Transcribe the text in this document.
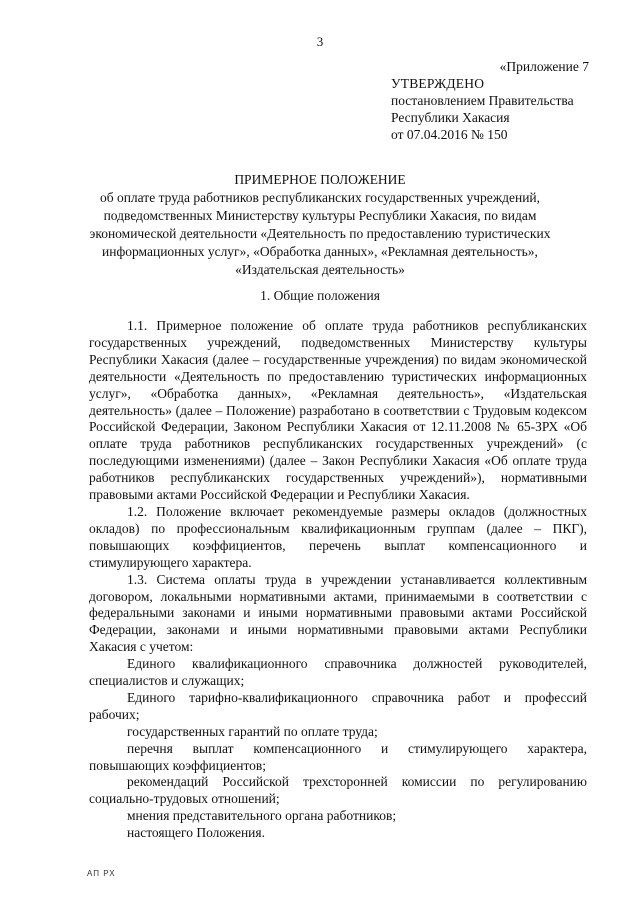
3
«Приложение 7
УТВЕРЖДЕНО
постановлением Правительства
Республики Хакасия
от 07.04.2016 № 150
ПРИМЕРНОЕ ПОЛОЖЕНИЕ
об оплате труда работников республиканских государственных учреждений, подведомственных Министерству культуры Республики Хакасия, по видам экономической деятельности «Деятельность по предоставлению туристических информационных услуг», «Обработка данных», «Рекламная деятельность», «Издательская деятельность»
1. Общие положения

1.1. Примерное положение об оплате труда работников республиканских государственных учреждений, подведомственных Министерству культуры Республики Хакасия (далее – государственные учреждения) по видам экономической деятельности «Деятельность по предоставлению туристических информационных услуг», «Обработка данных», «Рекламная деятельность», «Издательская деятельность» (далее – Положение) разработано в соответствии с Трудовым кодексом Российской Федерации, Законом Республики Хакасия от 12.11.2008 № 65-ЗРХ «Об оплате труда работников республиканских государственных учреждений» (с последующими изменениями) (далее – Закон Республики Хакасия «Об оплате труда работников республиканских государственных учреждений»), нормативными правовыми актами Российской Федерации и Республики Хакасия.

1.2. Положение включает рекомендуемые размеры окладов (должностных окладов) по профессиональным квалификационным группам (далее – ПКГ), повышающих коэффициентов, перечень выплат компенсационного и стимулирующего характера.

1.3. Система оплаты труда в учреждении устанавливается коллективным договором, локальными нормативными актами, принимаемыми в соответствии с федеральными законами и иными нормативными правовыми актами Российской Федерации, законами и иными нормативными правовыми актами Республики Хакасия с учетом:

Единого квалификационного справочника должностей руководителей, специалистов и служащих;

Единого тарифно-квалификационного справочника работ и профессий рабочих;

государственных гарантий по оплате труда;

перечня выплат компенсационного и стимулирующего характера, повышающих коэффициентов;

рекомендаций Российской трехсторонней комиссии по регулированию социально-трудовых отношений;

мнения представительного органа работников;

настоящего Положения.

АП РХ
